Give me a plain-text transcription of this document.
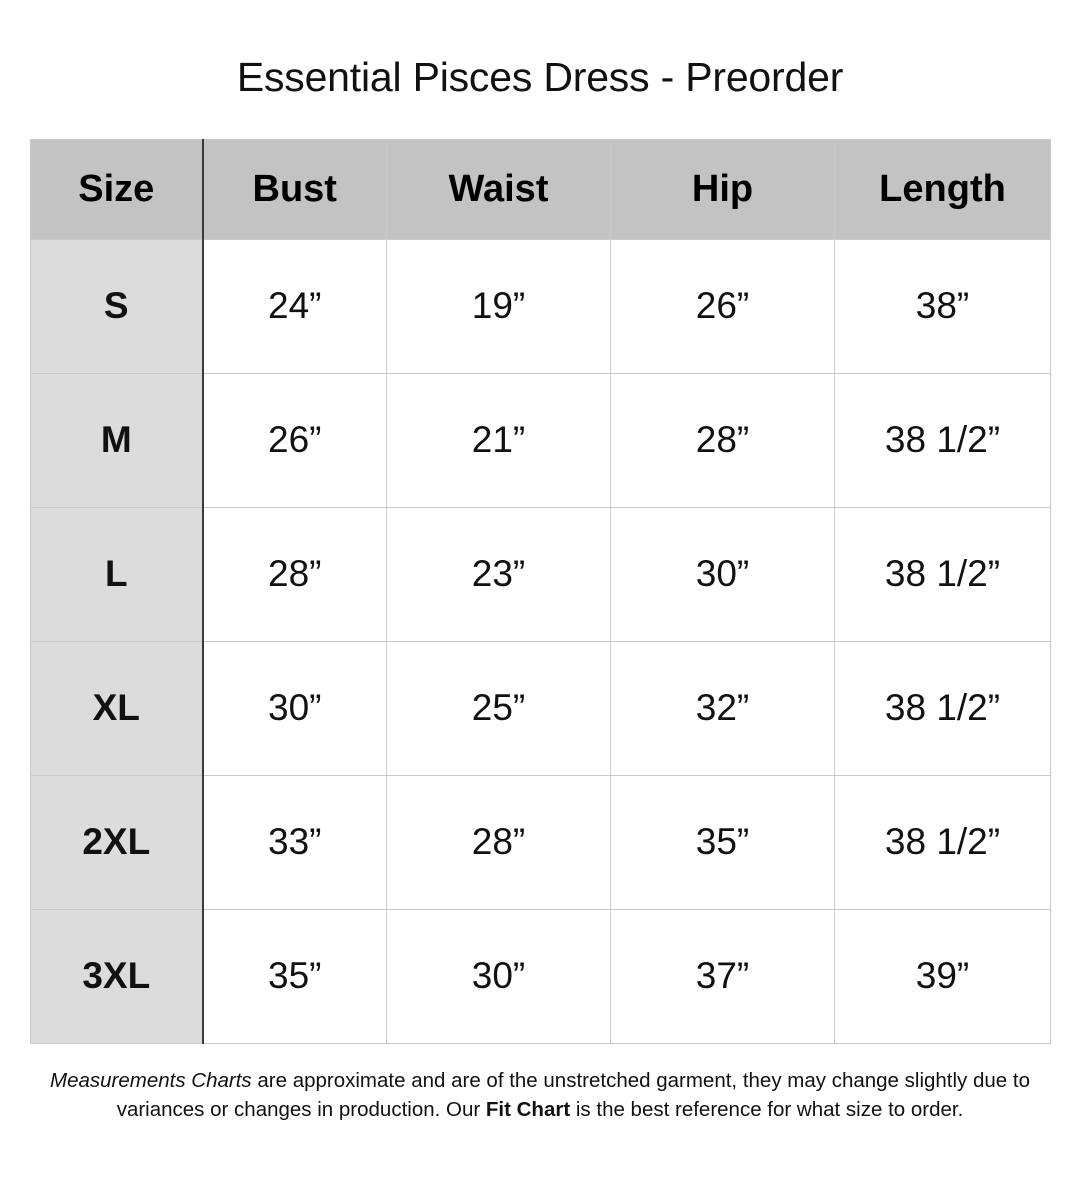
Essential Pisces Dress - Preorder
Size	Bust	Waist	Hip	Length
S	24”	19”	26”	38”
M	26”	21”	28”	38 1/2”
L	28”	23”	30”	38 1/2”
XL	30”	25”	32”	38 1/2”
2XL	33”	28”	35”	38 1/2”
3XL	35”	30”	37”	39”

Measurements Charts are approximate and are of the unstretched garment, they may change slightly due to variances or changes in production. Our Fit Chart is the best reference for what size to order.
